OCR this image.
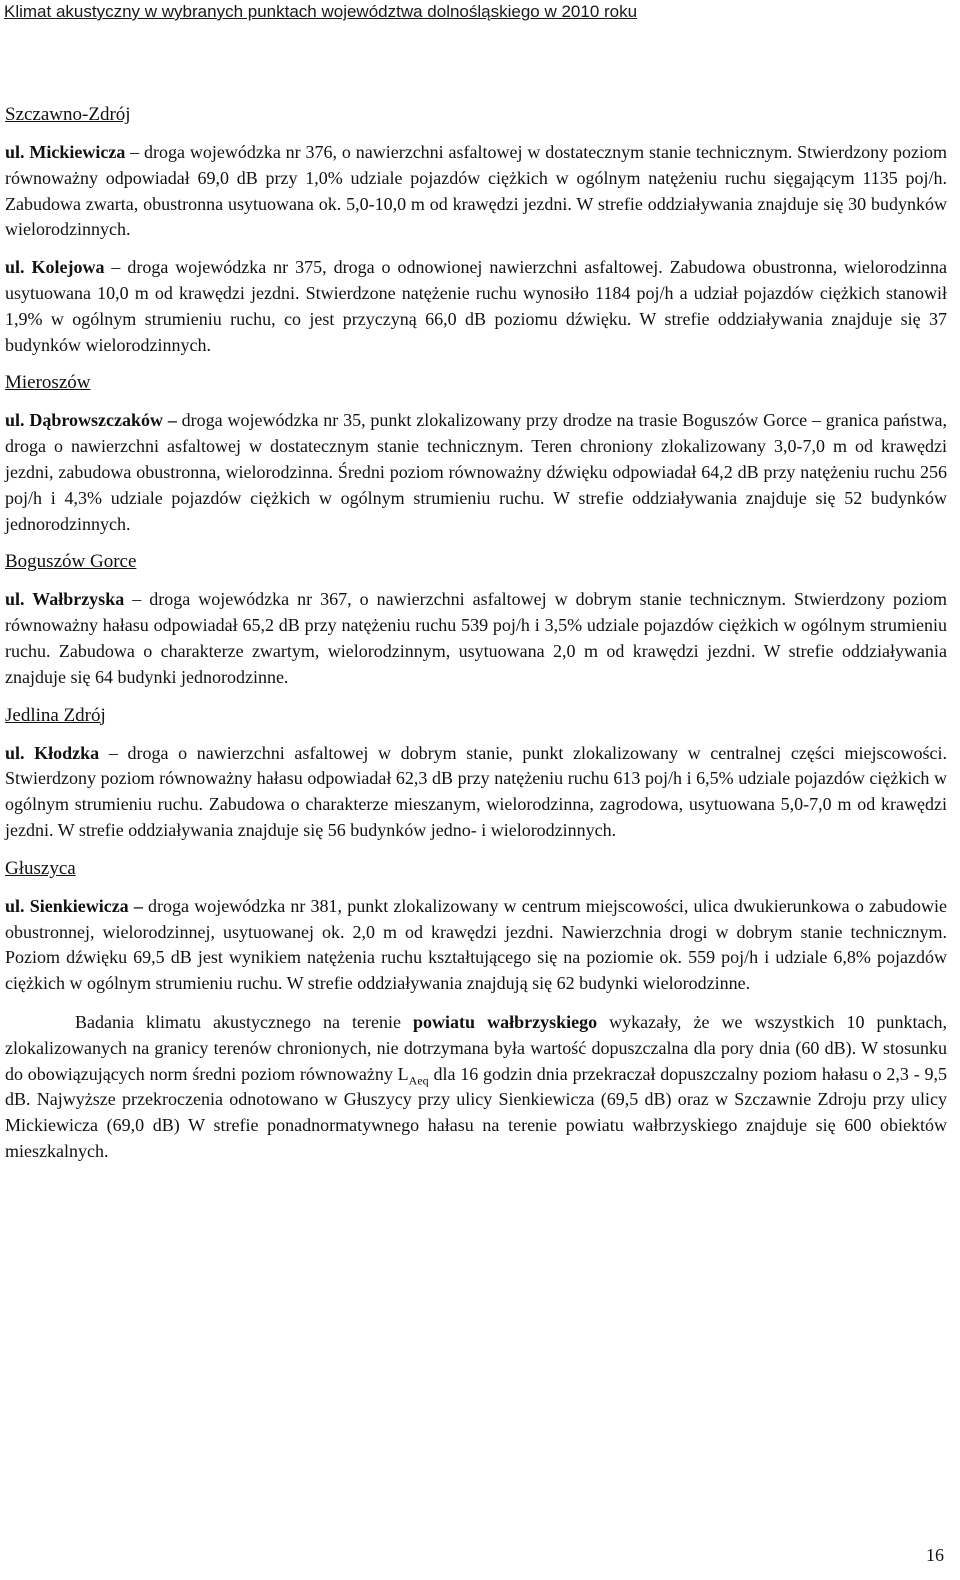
Klimat akustyczny w wybranych punktach województwa dolnośląskiego w 2010 roku
Szczawno-Zdrój

ul. Mickiewicza – droga wojewódzka nr 376, o nawierzchni asfaltowej w dostatecznym stanie technicznym. Stwierdzony poziom równoważny odpowiadał 69,0 dB przy 1,0% udziale pojazdów ciężkich w ogólnym natężeniu ruchu sięgającym 1135 poj/h. Zabudowa zwarta, obustronna usytuowana ok. 5,0-10,0 m od krawędzi jezdni. W strefie oddziaływania znajduje się 30 budynków wielorodzinnych.

ul. Kolejowa – droga wojewódzka nr 375, droga o odnowionej nawierzchni asfaltowej. Zabudowa obustronna, wielorodzinna usytuowana 10,0 m od krawędzi jezdni. Stwierdzone natężenie ruchu wynosiło 1184 poj/h a udział pojazdów ciężkich stanowił 1,9% w ogólnym strumieniu ruchu, co jest przyczyną 66,0 dB poziomu dźwięku. W strefie oddziaływania znajduje się 37 budynków wielorodzinnych.

Mieroszów

ul. Dąbrowszczaków – droga wojewódzka nr 35, punkt zlokalizowany przy drodze na trasie Boguszów Gorce – granica państwa, droga o nawierzchni asfaltowej w dostatecznym stanie technicznym. Teren chroniony zlokalizowany 3,0-7,0 m od krawędzi jezdni, zabudowa obustronna, wielorodzinna. Średni poziom równoważny dźwięku odpowiadał 64,2 dB przy natężeniu ruchu 256 poj/h i 4,3% udziale pojazdów ciężkich w ogólnym strumieniu ruchu. W strefie oddziaływania znajduje się 52 budynków jednorodzinnych.

Boguszów Gorce

ul. Wałbrzyska – droga wojewódzka nr 367, o nawierzchni asfaltowej w dobrym stanie technicznym. Stwierdzony poziom równoważny hałasu odpowiadał 65,2 dB przy natężeniu ruchu 539 poj/h i 3,5% udziale pojazdów ciężkich w ogólnym strumieniu ruchu. Zabudowa o charakterze zwartym, wielorodzinnym, usytuowana 2,0 m od krawędzi jezdni. W strefie oddziaływania znajduje się 64 budynki jednorodzinne.

Jedlina Zdrój

ul. Kłodzka – droga o nawierzchni asfaltowej w dobrym stanie, punkt zlokalizowany w centralnej części miejscowości. Stwierdzony poziom równoważny hałasu odpowiadał 62,3 dB przy natężeniu ruchu 613 poj/h i 6,5% udziale pojazdów ciężkich w ogólnym strumieniu ruchu. Zabudowa o charakterze mieszanym, wielorodzinna, zagrodowa, usytuowana 5,0-7,0 m od krawędzi jezdni. W strefie oddziaływania znajduje się 56 budynków jedno- i wielorodzinnych.

Głuszyca

ul. Sienkiewicza – droga wojewódzka nr 381, punkt zlokalizowany w centrum miejscowości, ulica dwukierunkowa o zabudowie obustronnej, wielorodzinnej, usytuowanej ok. 2,0 m od krawędzi jezdni. Nawierzchnia drogi w dobrym stanie technicznym. Poziom dźwięku 69,5 dB jest wynikiem natężenia ruchu kształtującego się na poziomie ok. 559 poj/h i udziale 6,8% pojazdów ciężkich w ogólnym strumieniu ruchu. W strefie oddziaływania znajdują się 62 budynki wielorodzinne.

Badania klimatu akustycznego na terenie powiatu wałbrzyskiego wykazały, że we wszystkich 10 punktach, zlokalizowanych na granicy terenów chronionych, nie dotrzymana była wartość dopuszczalna dla pory dnia (60 dB). W stosunku do obowiązujących norm średni poziom równoważny $L_{Aeq}$ dla 16 godzin dnia przekraczał dopuszczalny poziom hałasu o 2,3 - 9,5 dB. Najwyższe przekroczenia odnotowano w Głuszycy przy ulicy Sienkiewicza (69,5 dB) oraz w Szczawnie Zdroju przy ulicy Mickiewicza (69,0 dB) W strefie ponadnormatywnego hałasu na terenie powiatu wałbrzyskiego znajduje się 600 obiektów mieszkalnych.

16
